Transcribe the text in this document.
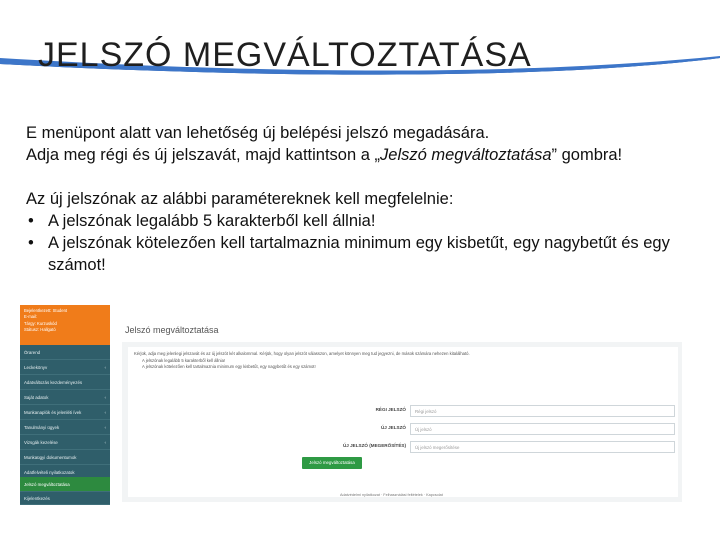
JELSZÓ MEGVÁLTOZTATÁSA

E menüpont alatt van lehetőség új belépési jelszó megadására.

Adja meg régi és új jelszavát, majd kattintson a „Jelszó megváltoztatása” gombra!

Az új jelszónak az alábbi paramétereknek kell megfelelnie:

• A jelszónak legalább 5 karakterből kell állnia!

• A jelszónak kötelezően kell tartalmaznia minimum egy kisbetűt, egy nagybetűt és egy számot!

Bejelentkezett: Student
E-mail:
Tárgy: Kurzuskód
Státusz: Hallgató
Órarend
Leckekönyv	‹
Adatváltozás kezdeményezés
Saját adatok	‹
Munkanaplók és jelenléti ívek	‹
Tanulmányi ügyek	‹
Vizsgák kezelése	‹
Munkaügyi dokumentumok
Adatfelvételi nyilatkozatok
Jelszó megváltoztatása
Kijelentkezés
Jelszó megváltoztatása
Kérjük, adja meg jelenlegi jelszavát és az új jelszót két alkalommal. Kérjük, hogy olyan jelszót válasszon, amelyet könnyen meg tud jegyezni, de mások számára nehezen kitalálható.
A jelszónak legalább 5 karakterből kell állnia!
A jelszónak kötelezően kell tartalmaznia minimum egy kisbetűt, egy nagybetűt és egy számot!
RÉGI JELSZÓ	Régi jelszó
ÚJ JELSZÓ	Új jelszó
ÚJ JELSZÓ (MEGERŐSÍTÉS)	Új jelszó megerősítése
Jelszó megváltoztatása
Adatvédelmi nyilatkozat · Felhasználási feltételek · Kapcsolat
